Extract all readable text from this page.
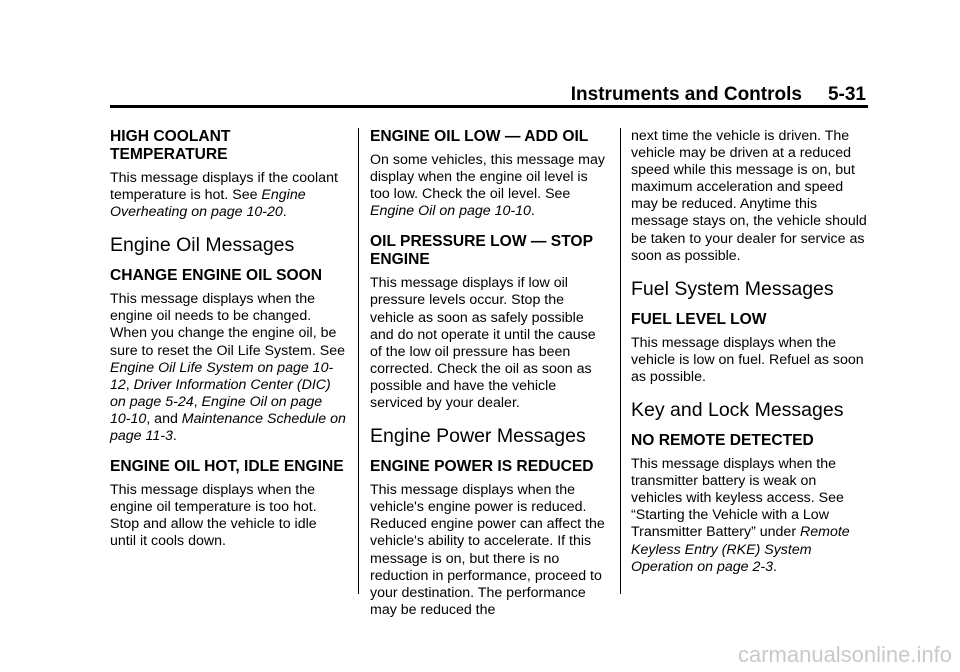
Instruments and Controls 5-31
HIGH COOLANT TEMPERATURE

This message displays if the coolant temperature is hot. See Engine Overheating on page 10-20.

Engine Oil Messages
CHANGE ENGINE OIL SOON

This message displays when the engine oil needs to be changed. When you change the engine oil, be sure to reset the Oil Life System. See Engine Oil Life System on page 10-12, Driver Information Center (DIC) on page 5-24, Engine Oil on page 10-10, and Maintenance Schedule on page 11-3.

ENGINE OIL HOT, IDLE ENGINE

This message displays when the engine oil temperature is too hot. Stop and allow the vehicle to idle until it cools down.

ENGINE OIL LOW — ADD OIL

On some vehicles, this message may display when the engine oil level is too low. Check the oil level. See Engine Oil on page 10-10.

OIL PRESSURE LOW — STOP ENGINE

This message displays if low oil pressure levels occur. Stop the vehicle as soon as safely possible and do not operate it until the cause of the low oil pressure has been corrected. Check the oil as soon as possible and have the vehicle serviced by your dealer.

Engine Power Messages
ENGINE POWER IS REDUCED

This message displays when the vehicle's engine power is reduced. Reduced engine power can affect the vehicle's ability to accelerate. If this message is on, but there is no reduction in performance, proceed to your destination. The performance may be reduced the

next time the vehicle is driven. The vehicle may be driven at a reduced speed while this message is on, but maximum acceleration and speed may be reduced. Anytime this message stays on, the vehicle should be taken to your dealer for service as soon as possible.

Fuel System Messages
FUEL LEVEL LOW

This message displays when the vehicle is low on fuel. Refuel as soon as possible.

Key and Lock Messages
NO REMOTE DETECTED

This message displays when the transmitter battery is weak on vehicles with keyless access. See “Starting the Vehicle with a Low Transmitter Battery” under Remote Keyless Entry (RKE) System Operation on page 2-3.

carmanualsonline.info
